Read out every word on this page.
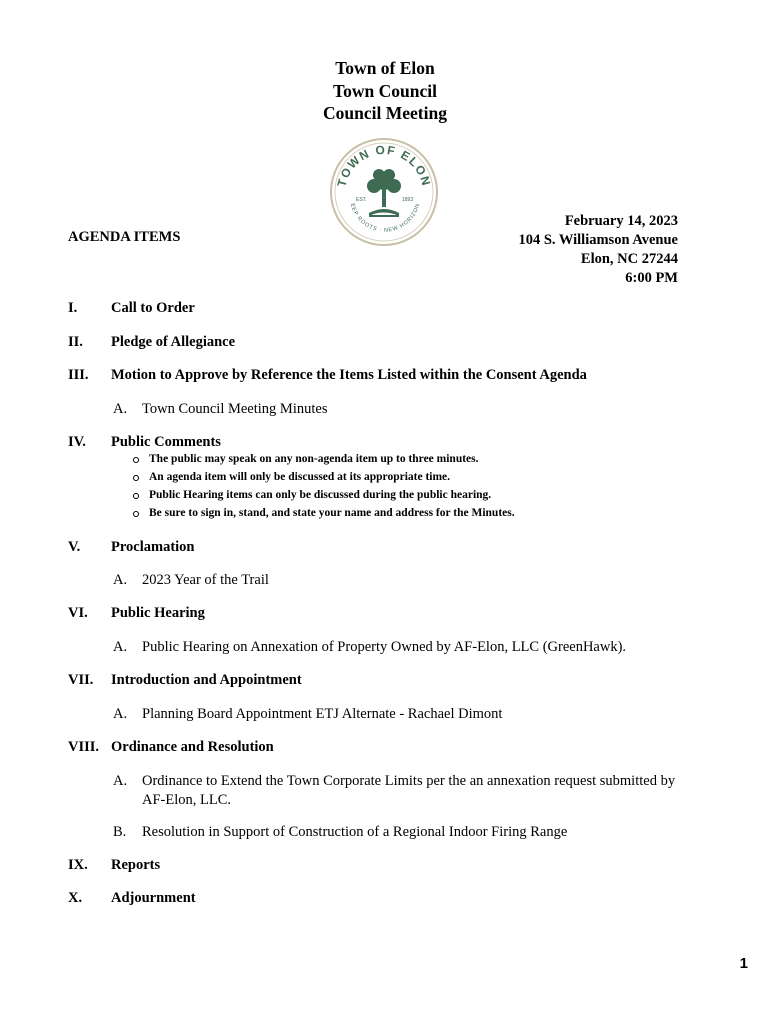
Town of Elon
Town Council
Council Meeting
TOWN OF ELON
EEP ROOTS · NEW HORIZON
EST.	1893
AGENDA ITEMS
February 14, 2023
104 S. Williamson Avenue
Elon, NC 27244
6:00 PM
I. Call to Order
II. Pledge of Allegiance
III. Motion to Approve by Reference the Items Listed within the Consent Agenda
A. Town Council Meeting Minutes
IV. Public Comments
The public may speak on any non-agenda item up to three minutes.
An agenda item will only be discussed at its appropriate time.
Public Hearing items can only be discussed during the public hearing.
Be sure to sign in, stand, and state your name and address for the Minutes.
V. Proclamation
A. 2023 Year of the Trail
VI. Public Hearing
A. Public Hearing on Annexation of Property Owned by AF-Elon, LLC (GreenHawk).
VII. Introduction and Appointment
A. Planning Board Appointment ETJ Alternate - Rachael Dimont
VIII. Ordinance and Resolution
A. Ordinance to Extend the Town Corporate Limits per the an annexation request submitted by AF-Elon, LLC.
B. Resolution in Support of Construction of a Regional Indoor Firing Range
IX. Reports
X. Adjournment
1
